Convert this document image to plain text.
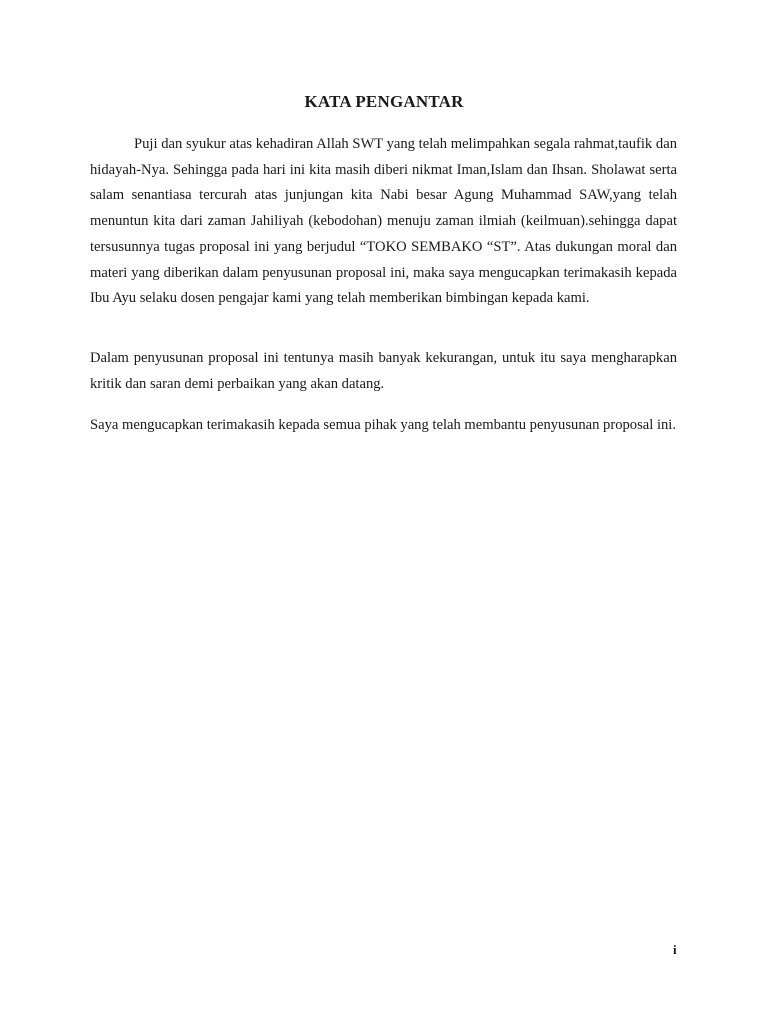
KATA PENGANTAR

Puji dan syukur atas kehadiran Allah SWT yang telah melimpahkan segala rahmat,taufik dan hidayah-Nya. Sehingga pada hari ini kita masih diberi nikmat Iman,Islam dan Ihsan. Sholawat serta salam senantiasa tercurah atas junjungan kita Nabi besar Agung Muhammad SAW,yang telah menuntun kita dari zaman Jahiliyah (kebodohan) menuju zaman ilmiah (keilmuan).sehingga dapat tersusunnya tugas proposal ini yang berjudul “TOKO SEMBAKO “ST”. Atas dukungan moral dan materi yang diberikan dalam penyusunan proposal ini, maka saya mengucapkan terimakasih kepada Ibu Ayu selaku dosen pengajar kami yang telah memberikan bimbingan kepada kami.

Dalam penyusunan proposal ini tentunya masih banyak kekurangan, untuk itu saya mengharapkan kritik dan saran demi perbaikan yang akan datang.

Saya mengucapkan terimakasih kepada semua pihak yang telah membantu penyusunan proposal ini.

i
